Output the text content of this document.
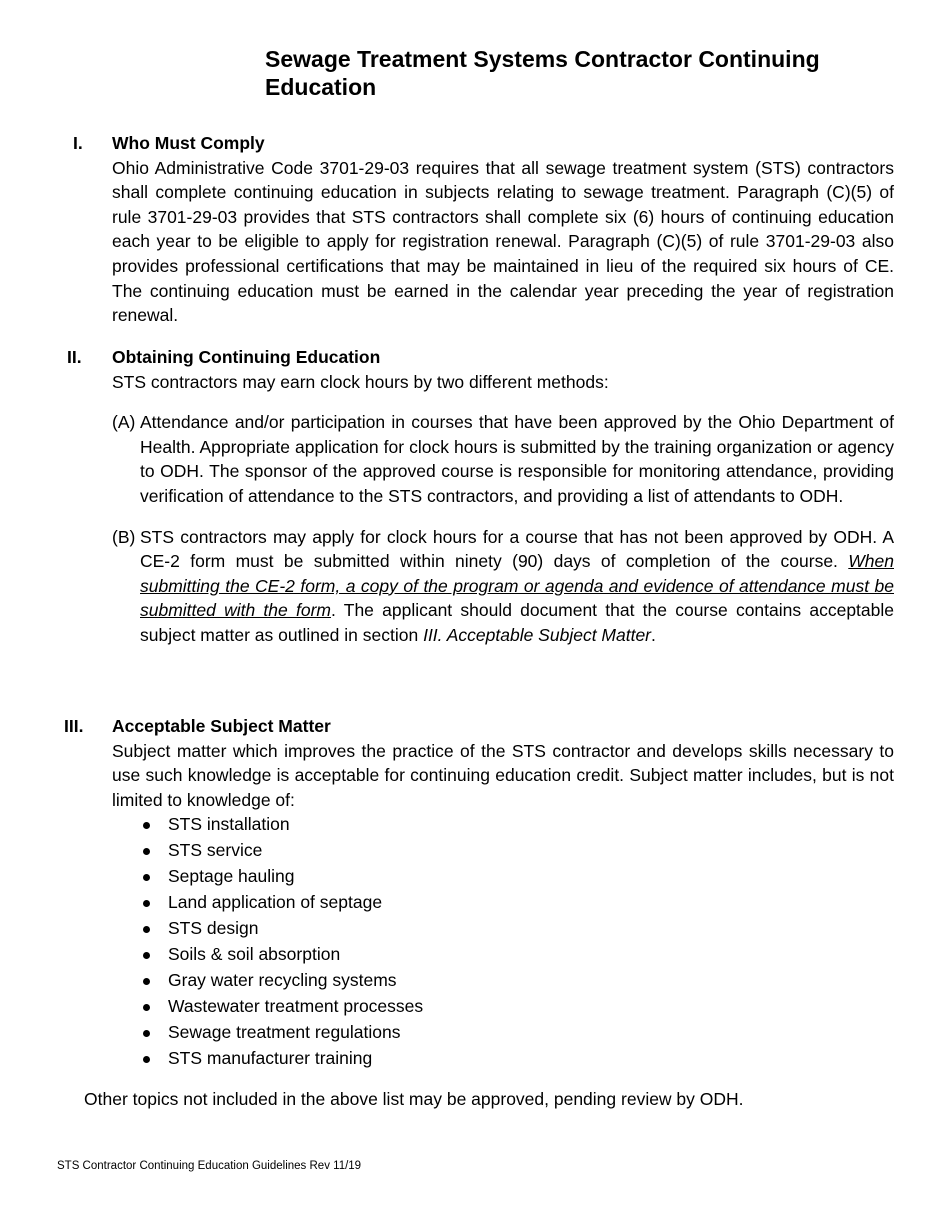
Sewage Treatment Systems Contractor Continuing Education
I. Who Must Comply

Ohio Administrative Code 3701-29-03 requires that all sewage treatment system (STS) contractors shall complete continuing education in subjects relating to sewage treatment. Paragraph (C)(5) of rule 3701-29-03 provides that STS contractors shall complete six (6) hours of continuing education each year to be eligible to apply for registration renewal. Paragraph (C)(5) of rule 3701-29-03 also provides professional certifications that may be maintained in lieu of the required six hours of CE. The continuing education must be earned in the calendar year preceding the year of registration renewal.

II. Obtaining Continuing Education

STS contractors may earn clock hours by two different methods:

(A) Attendance and/or participation in courses that have been approved by the Ohio Department of Health. Appropriate application for clock hours is submitted by the training organization or agency to ODH. The sponsor of the approved course is responsible for monitoring attendance, providing verification of attendance to the STS contractors, and providing a list of attendants to ODH.

(B) STS contractors may apply for clock hours for a course that has not been approved by ODH. A CE-2 form must be submitted within ninety (90) days of completion of the course. When submitting the CE-2 form, a copy of the program or agenda and evidence of attendance must be submitted with the form. The applicant should document that the course contains acceptable subject matter as outlined in section III. Acceptable Subject Matter.

III. Acceptable Subject Matter

Subject matter which improves the practice of the STS contractor and develops skills necessary to use such knowledge is acceptable for continuing education credit. Subject matter includes, but is not limited to knowledge of:

STS installation
STS service
Septage hauling
Land application of septage
STS design
Soils & soil absorption
Gray water recycling systems
Wastewater treatment processes
Sewage treatment regulations
STS manufacturer training

Other topics not included in the above list may be approved, pending review by ODH.

STS Contractor Continuing Education Guidelines Rev 11/19
